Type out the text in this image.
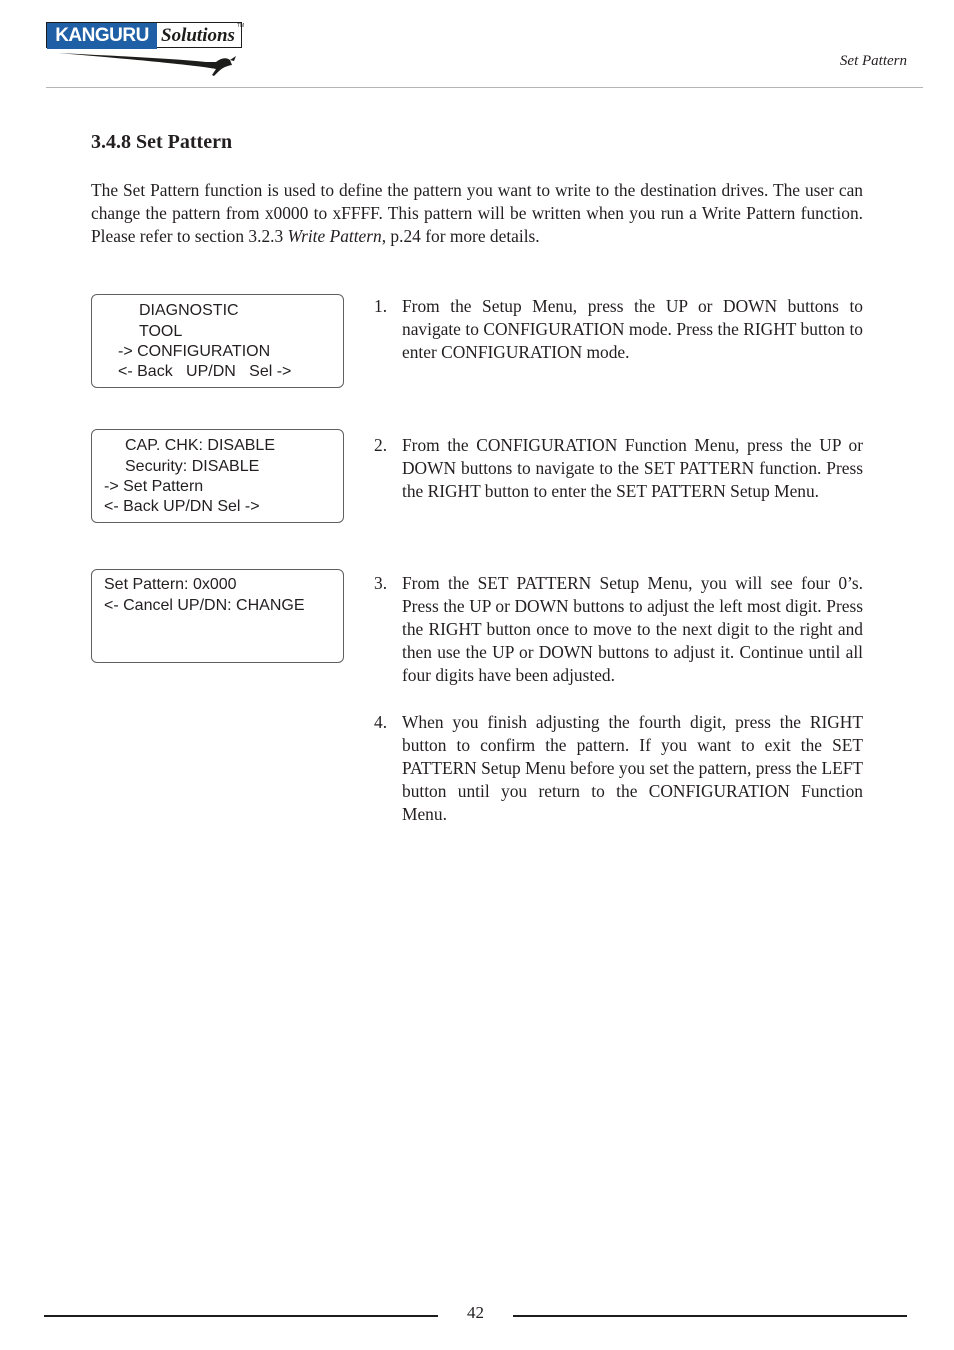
KANGURU Solutions TM
Set Pattern
3.4.8 Set Pattern

The Set Pattern function is used to define the pattern you want to write to the destination drives. The user can change the pattern from x0000 to xFFFF. This pattern will be written when you run a Write Pattern function. Please refer to section 3.2.3 Write Pattern, p.24 for more details.

DIAGNOSTIC
TOOL
-> CONFIGURATION
<- Back   UP/DN   Sel ->
CAP. CHK: DISABLE
Security: DISABLE
-> Set Pattern
<- Back UP/DN Sel ->
Set Pattern: 0x000
<- Cancel UP/DN: CHANGE
1. From the Setup Menu, press the UP or DOWN buttons to navigate to CONFIGURATION mode. Press the RIGHT button to enter CONFIGURATION mode.
2. From the CONFIGURATION Function Menu, press the UP or DOWN buttons to navigate to the SET PATTERN function. Press the RIGHT button to enter the SET PATTERN Setup Menu.
3. From the SET PATTERN Setup Menu, you will see four 0’s. Press the UP or DOWN buttons to adjust the left most digit. Press the RIGHT button once to move to the next digit to the right and then use the UP or DOWN buttons to adjust it. Continue until all four digits have been adjusted.
4. When you finish adjusting the fourth digit, press the RIGHT button to confirm the pattern. If you want to exit the SET PATTERN Setup Menu before you set the pattern, press the LEFT button until you return to the CONFIGURATION Function Menu.
42
